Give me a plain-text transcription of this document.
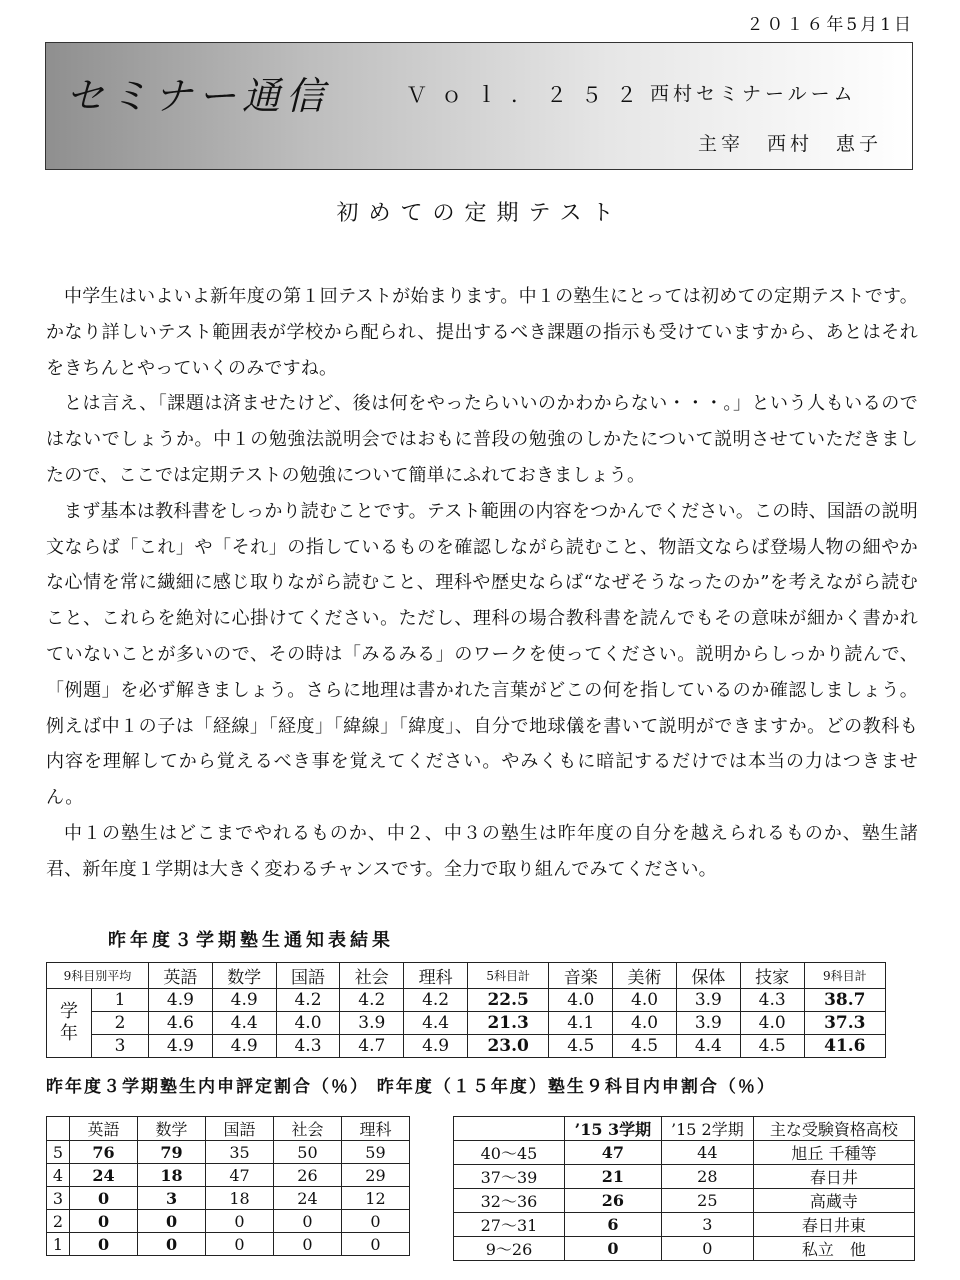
２０１６年5月1日
セミナー通信	Ｖｏｌ．２５２ 西村セミナールーム
主宰　西村　恵子
初めての定期テスト

中学生はいよいよ新年度の第１回テストが始まります。中１の塾生にとっては初めての定期テストです。かなり詳しいテスト範囲表が学校から配られ、提出するべき課題の指示も受けていますから、あとはそれをきちんとやっていくのみですね。

とは言え、「課題は済ませたけど、後は何をやったらいいのかわからない・・・。」という人もいるのではないでしょうか。中１の勉強法説明会ではおもに普段の勉強のしかたについて説明させていただきましたので、ここでは定期テストの勉強について簡単にふれておきましょう。

まず基本は教科書をしっかり読むことです。テスト範囲の内容をつかんでください。この時、国語の説明文ならば「これ」や「それ」の指しているものを確認しながら読むこと、物語文ならば登場人物の細やかな心情を常に繊細に感じ取りながら読むこと、理科や歴史ならば“なぜそうなったのか”を考えながら読むこと、これらを絶対に心掛けてください。ただし、理科の場合教科書を読んでもその意味が細かく書かれていないことが多いので、その時は「みるみる」のワークを使ってください。説明からしっかり読んで、「例題」を必ず解きましょう。さらに地理は書かれた言葉がどこの何を指しているのか確認しましょう。例えば中１の子は「経線」「経度」「緯線」「緯度」、自分で地球儀を書いて説明ができますか。どの教科も内容を理解してから覚えるべき事を覚えてください。やみくもに暗記するだけでは本当の力はつきません。

中１の塾生はどこまでやれるものか、中２、中３の塾生は昨年度の自分を越えられるものか、塾生諸君、新年度１学期は大きく変わるチャンスです。全力で取り組んでみてください。

昨年度３学期塾生通知表結果
9科目別平均		英語	数学	国語	社会	理科	5科目計	音楽	美術	保体	技家	9科目計
学年	1	4.9	4.9	4.2	4.2	4.2	22.5	4.0	4.0	3.9	4.3	38.7
	2	4.6	4.4	4.0	3.9	4.4	21.3	4.1	4.0	3.9	4.0	37.3
	3	4.9	4.9	4.3	4.7	4.9	23.0	4.5	4.5	4.4	4.5	41.6
昨年度３学期塾生内申評定割合（％） 昨年度（１５年度）塾生９科目内申割合（％）
	英語	数学	国語	社会	理科
5	76	79	35	50	59
4	24	18	47	26	29
3	0	3	18	24	12
2	0	0	0	0	0
1	0	0	0	0	0
	’15 3学期	’15 2学期	主な受験資格高校
40～45	47	44	旭丘 千種等
37～39	21	28	春日井
32～36	26	25	高蔵寺
27～31	6	3	春日井東
9～26	0	0	私立　他
